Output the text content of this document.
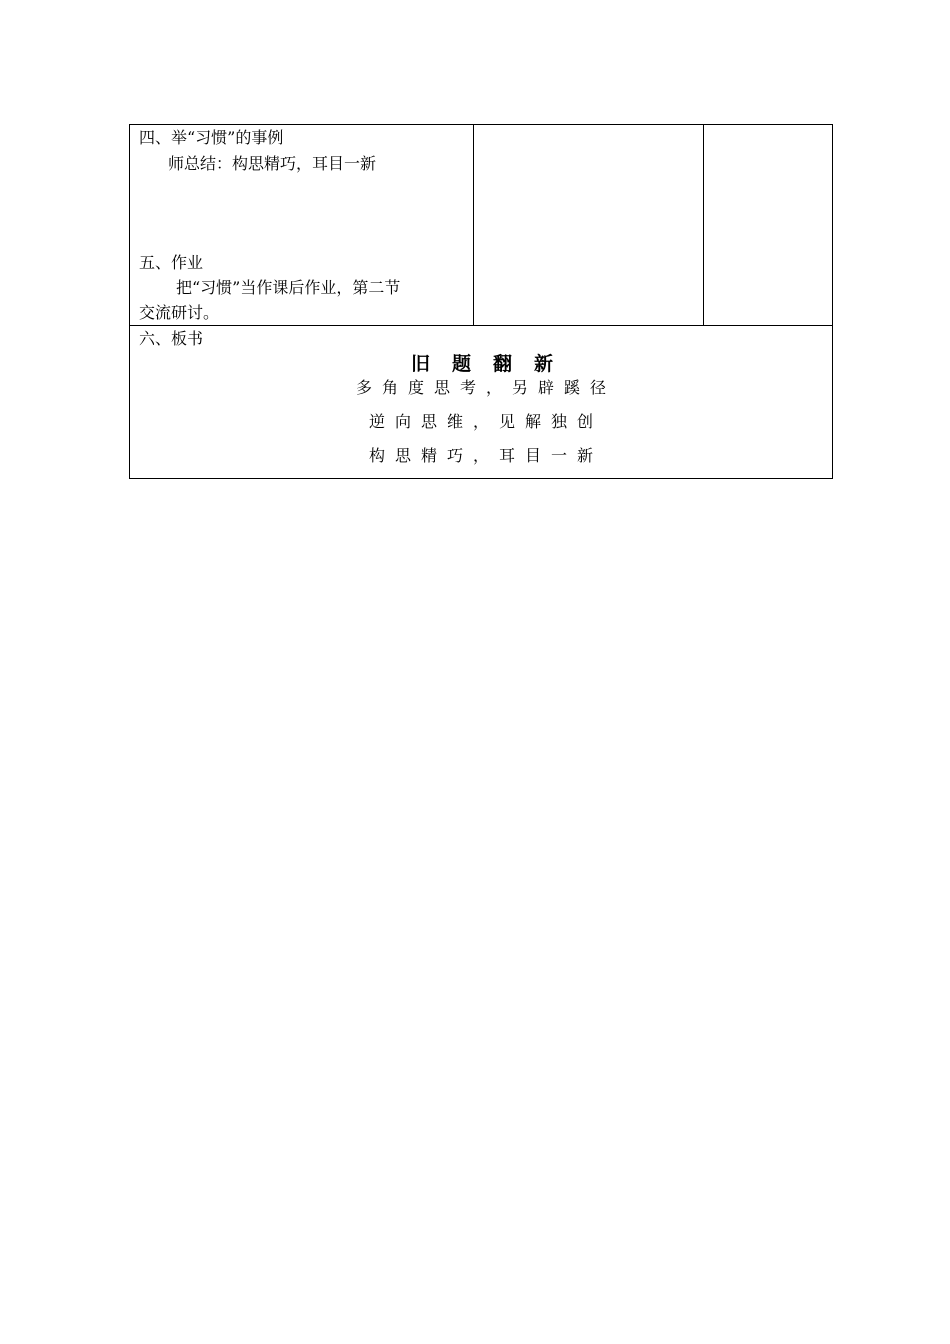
四、举“习惯”的事例
师总结：构思精巧，耳目一新
五、作业
把“习惯”当作课后作业，第二节
交流研讨。
六、板书
旧题翻新
多角度思考，另辟蹊径
逆向思维，见解独创
构思精巧，耳目一新
